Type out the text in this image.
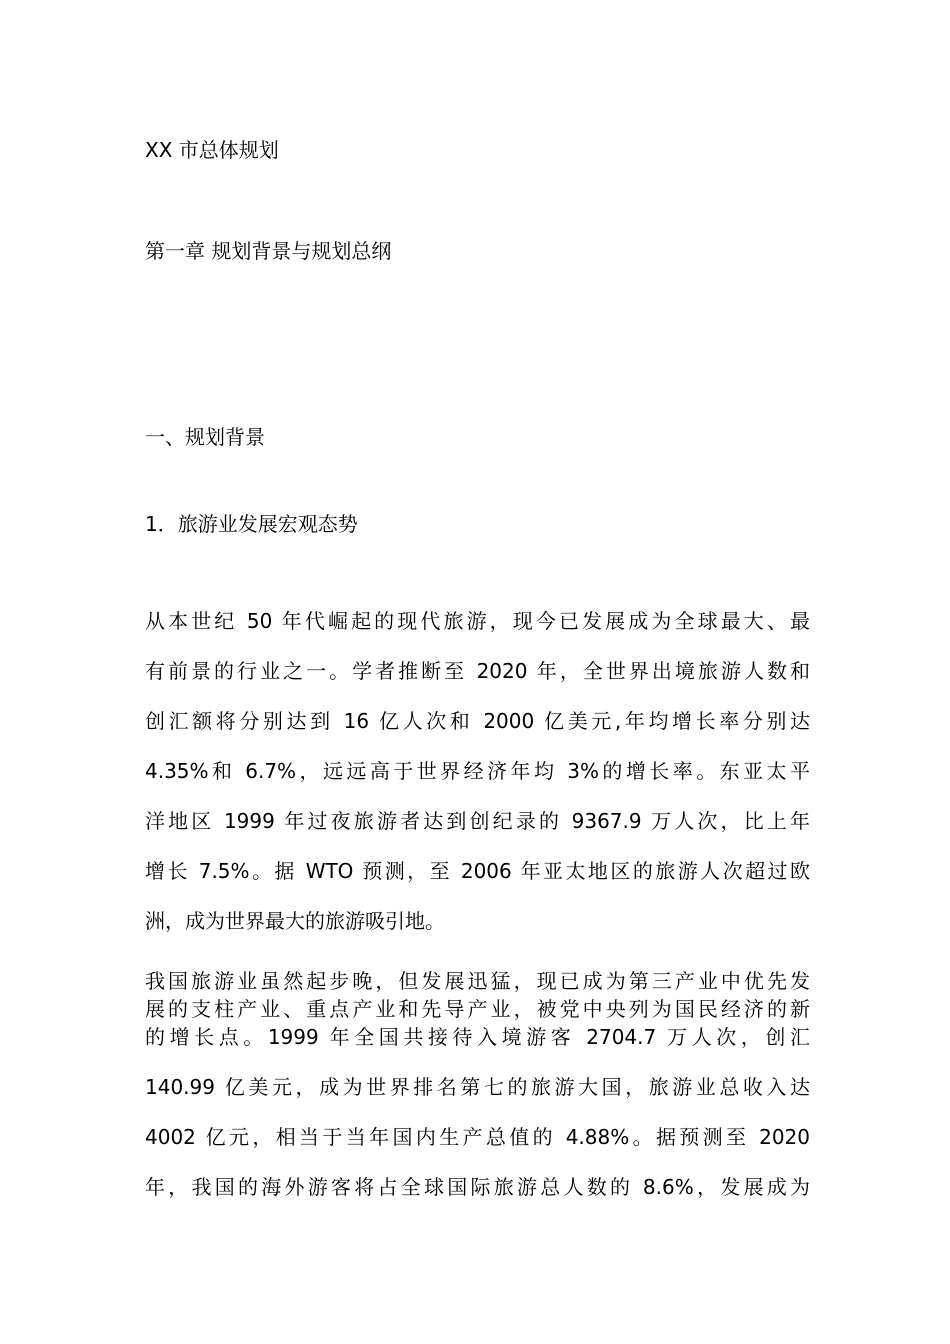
XX 市总体规划
第一章 规划背景与规划总纲
一、规划背景
1．旅游业发展宏观态势
从本世纪 50 年代崛起的现代旅游，现今已发展成为全球最大、最
有前景的行业之一。学者推断至 2020 年，全世界出境旅游人数和
创汇额将分别达到 16 亿人次和 2000 亿美元,年均增长率分别达
4.35%和 6.7%，远远高于世界经济年均 3%的增长率。东亚太平
洋地区 1999 年过夜旅游者达到创纪录的 9367.9 万人次，比上年
增长 7.5%。据 WTO 预测，至 2006 年亚太地区的旅游人次超过欧
洲，成为世界最大的旅游吸引地。
我国旅游业虽然起步晚，但发展迅猛，现已成为第三产业中优先发
展的支柱产业、重点产业和先导产业，被党中央列为国民经济的新
的增长点。1999 年全国共接待入境游客 2704.7 万人次，创汇
140.99 亿美元，成为世界排名第七的旅游大国，旅游业总收入达
4002 亿元，相当于当年国内生产总值的 4.88%。据预测至 2020
年，我国的海外游客将占全球国际旅游总人数的 8.6%，发展成为
